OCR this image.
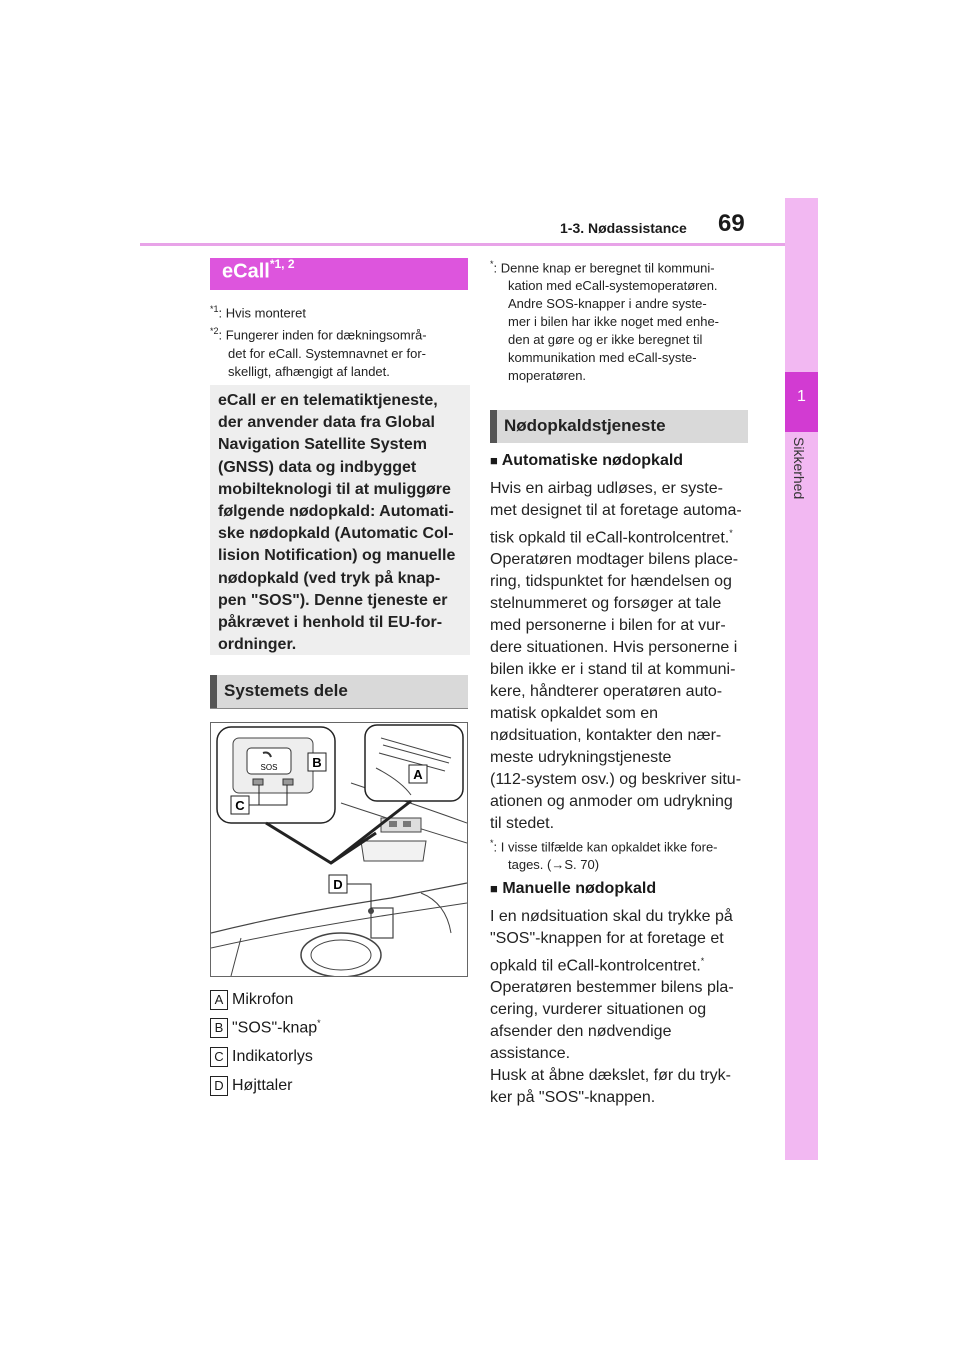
1-3. Nødassistance 69
1
Sikkerhed
eCall$^{*1, 2}$
$^{*1}$: Hvis monteret
$^{*2}$: Fungerer inden for dækningsområ-
det for eCall. Systemnavnet er for-
skelligt, afhængigt af landet.
eCall er en telematiktjeneste,
der anvender data fra Global
Navigation Satellite System
(GNSS) data og indbygget
mobilteknologi til at muliggøre
følgende nødopkald: Automati-
ske nødopkald (Automatic Col-
lision Notification) og manuelle
nødopkald (ved tryk på knap-
pen "SOS"). Denne tjeneste er
påkrævet i henhold til EU-for-
ordninger.
Systemets dele
SOS	B
A
C
D
A Mikrofon
B "SOS"-knap*
C Indikatorlys
D Højttaler
*: Denne knap er beregnet til kommuni-
kation med eCall-systemoperatøren.
Andre SOS-knapper i andre syste-
mer i bilen har ikke noget med enhe-
den at gøre og er ikke beregnet til
kommunikation med eCall-syste-
moperatøren.
Nødopkaldstjeneste
■ Automatiske nødopkald
Hvis en airbag udløses, er syste-
met designet til at foretage automa-
tisk opkald til eCall-kontrolcentret.*
Operatøren modtager bilens place-
ring, tidspunktet for hændelsen og
stelnummeret og forsøger at tale
med personerne i bilen for at vur-
dere situationen. Hvis personerne i
bilen ikke er i stand til at kommuni-
kere, håndterer operatøren auto-
matisk opkaldet som en
nødsituation, kontakter den nær-
meste udrykningstjeneste
(112-system osv.) og beskriver situ-
ationen og anmoder om udrykning
til stedet.
*: I visse tilfælde kan opkaldet ikke fore-
tages. (→S. 70)
■ Manuelle nødopkald
I en nødsituation skal du trykke på
"SOS"-knappen for at foretage et
opkald til eCall-kontrolcentret.*
Operatøren bestemmer bilens pla-
cering, vurderer situationen og
afsender den nødvendige
assistance.
Husk at åbne dækslet, før du tryk-
ker på "SOS"-knappen.
